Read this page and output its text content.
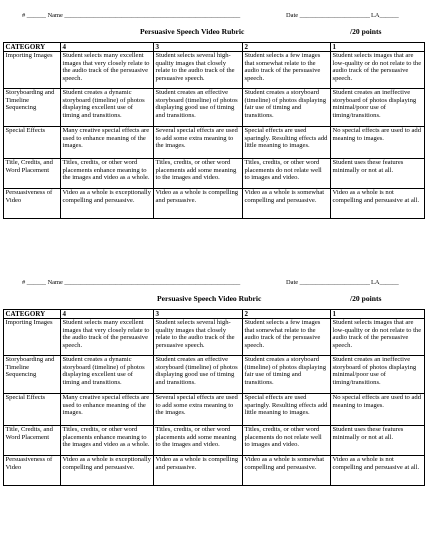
# ______ Name _______________________________________________________	Date ______________________ LA______
Persuasive Speech Video Rubric	/20 points
CATEGORY	4	3	2	1
Importing Images	Student selects many excellent images that very closely relate to the audio track of the persuasive speech.	Student selects several high-quality images that closely relate to the audio track of the persuasive speech.	Student selects a few images that somewhat relate to the audio track of the persuasive speech.	Student selects images that are low-quality or do not relate to the audio track of the persuasive speech.
Storyboarding and Timeline Sequencing	Student creates a dynamic storyboard (timeline) of photos displaying excellent use of timing and transitions.	Student creates an effective storyboard (timeline) of photos displaying good use of timing and transitions.	Student creates a storyboard (timeline) of photos displaying fair use of timing and transitions.	Student creates an ineffective storyboard of photos displaying minimal/poor use of timing/transitions.
Special Effects	Many creative special effects are used to enhance meaning of the images.	Several special effects are used to add some extra meaning to the images.	Special effects are used sparingly. Resulting effects add little meaning to images.	No special effects are used to add meaning to images.
Title, Credits, and Word Placement	Titles, credits, or other word placements enhance meaning to the images and video as a whole.	Titles, credits, or other word placements add some meaning to the images and video.	Titles, credits, or other word placements do not relate well to images and video.	Student uses these features minimally or not at all.
Persuasiveness of Video	Video as a whole is exceptionally compelling and persuasive.	Video as a whole is compelling and persuasive.	Video as a whole is somewhat compelling and persuasive.	Video as a whole is not compelling and persuasive at all.
# ______ Name _______________________________________________________	Date ______________________ LA______
Persuasive Speech Video Rubric	/20 points
CATEGORY	4	3	2	1
Importing Images	Student selects many excellent images that very closely relate to the audio track of the persuasive speech.	Student selects several high-quality images that closely relate to the audio track of the persuasive speech.	Student selects a few images that somewhat relate to the audio track of the persuasive speech.	Student selects images that are low-quality or do not relate to the audio track of the persuasive speech.
Storyboarding and Timeline Sequencing	Student creates a dynamic storyboard (timeline) of photos displaying excellent use of timing and transitions.	Student creates an effective storyboard (timeline) of photos displaying good use of timing and transitions.	Student creates a storyboard (timeline) of photos displaying fair use of timing and transitions.	Student creates an ineffective storyboard of photos displaying minimal/poor use of timing/transitions.
Special Effects	Many creative special effects are used to enhance meaning of the images.	Several special effects are used to add some extra meaning to the images.	Special effects are used sparingly. Resulting effects add little meaning to images.	No special effects are used to add meaning to images.
Title, Credits, and Word Placement	Titles, credits, or other word placements enhance meaning to the images and video as a whole.	Titles, credits, or other word placements add some meaning to the images and video.	Titles, credits, or other word placements do not relate well to images and video.	Student uses these features minimally or not at all.
Persuasiveness of Video	Video as a whole is exceptionally compelling and persuasive.	Video as a whole is compelling and persuasive.	Video as a whole is somewhat compelling and persuasive.	Video as a whole is not compelling and persuasive at all.
